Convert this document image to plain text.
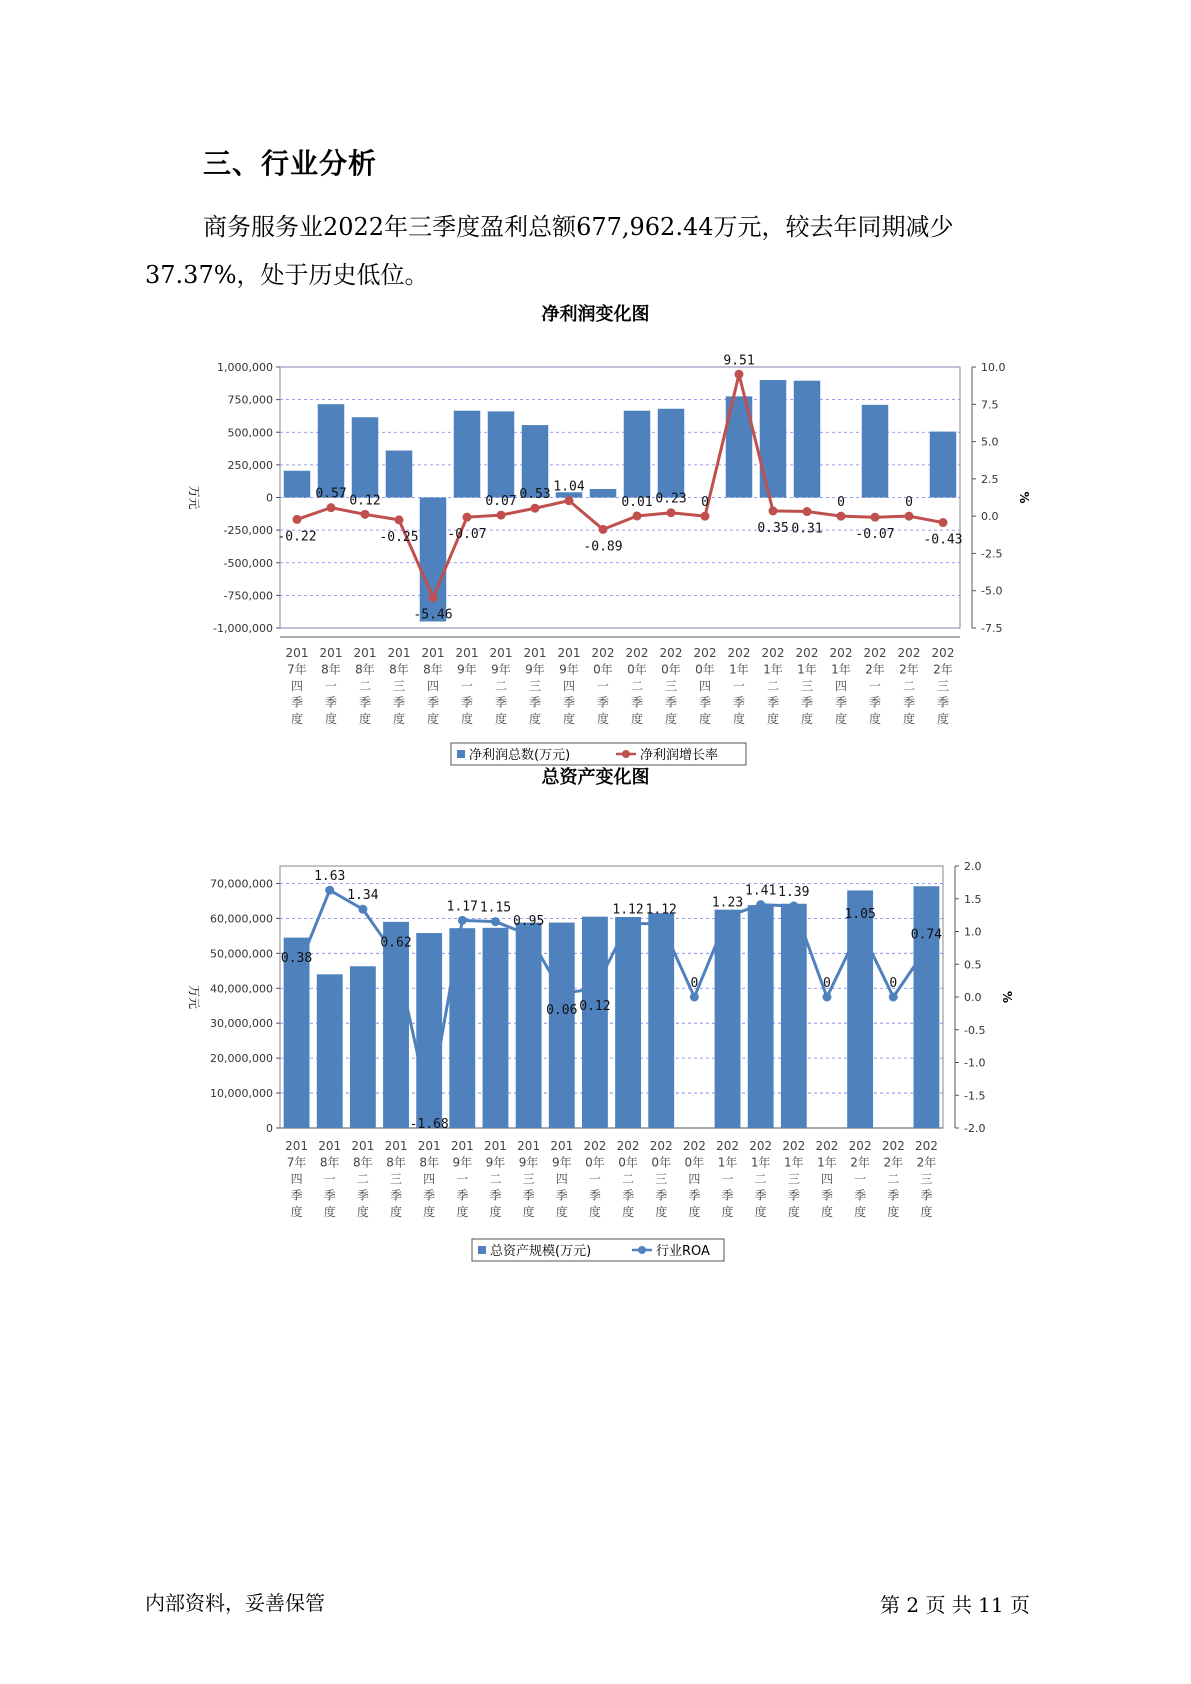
三、行业分析
商务服务业2022年三季度盈利总额677,962.44万元，较去年同期减少37.37%，处于历史低位。
净利润变化图
1,000,000
750,000
500,000
250,000
0
-250,000
-500,000
-750,000
-1,000,000
10.0
7.5
5.0
2.5
0.0
-2.5
-5.0
-7.5
万元	%
-0.22
0.57 0.12
-0.25
-5.46
-0.07
0.07 0.53
1.04
-0.89
0.01 0.23 0
9.51
0.35 0.31
0
-0.07
0
-0.43
201
7年
四
季
度
201
8年
一
季
度
201
8年
二
季
度
201
8年
三
季
度
201
8年
四
季
度
201
9年
一
季
度
201
9年
二
季
度
201
9年
三
季
度
201
9年
四
季
度
202
0年
一
季
度
202
0年
二
季
度
202
0年
三
季
度
202
0年
四
季
度
202
1年
一
季
度
202
1年
二
季
度
202
1年
三
季
度
202
1年
四
季
度
202
2年
一
季
度
202
2年
二
季
度
202
2年
三
季
度
净利润总数(万元)	净利润增长率
总资产变化图
70,000,000
60,000,000
50,000,000
40,000,000
30,000,000
20,000,000
10,000,000
0
2.0
1.5
1.0
0.5
0.0
-0.5
-1.0
-1.5
-2.0
万元	%
0.38
1.63
1.34
0.62
-1.68
1.17 1.15
0.95
0.06 0.12
1.12 1.12
0
1.23
1.41 1.39
0
1.05
0
0.74
201
7年
四
季
度
201
8年
一
季
度
201
8年
二
季
度
201
8年
三
季
度
201
8年
四
季
度
201
9年
一
季
度
201
9年
二
季
度
201
9年
三
季
度
201
9年
四
季
度
202
0年
一
季
度
202
0年
二
季
度
202
0年
三
季
度
202
0年
四
季
度
202
1年
一
季
度
202
1年
二
季
度
202
1年
三
季
度
202
1年
四
季
度
202
2年
一
季
度
202
2年
二
季
度
202
2年
三
季
度
总资产规模(万元)	行业ROA
内部资料，妥善保管	第 2 页 共 11 页
